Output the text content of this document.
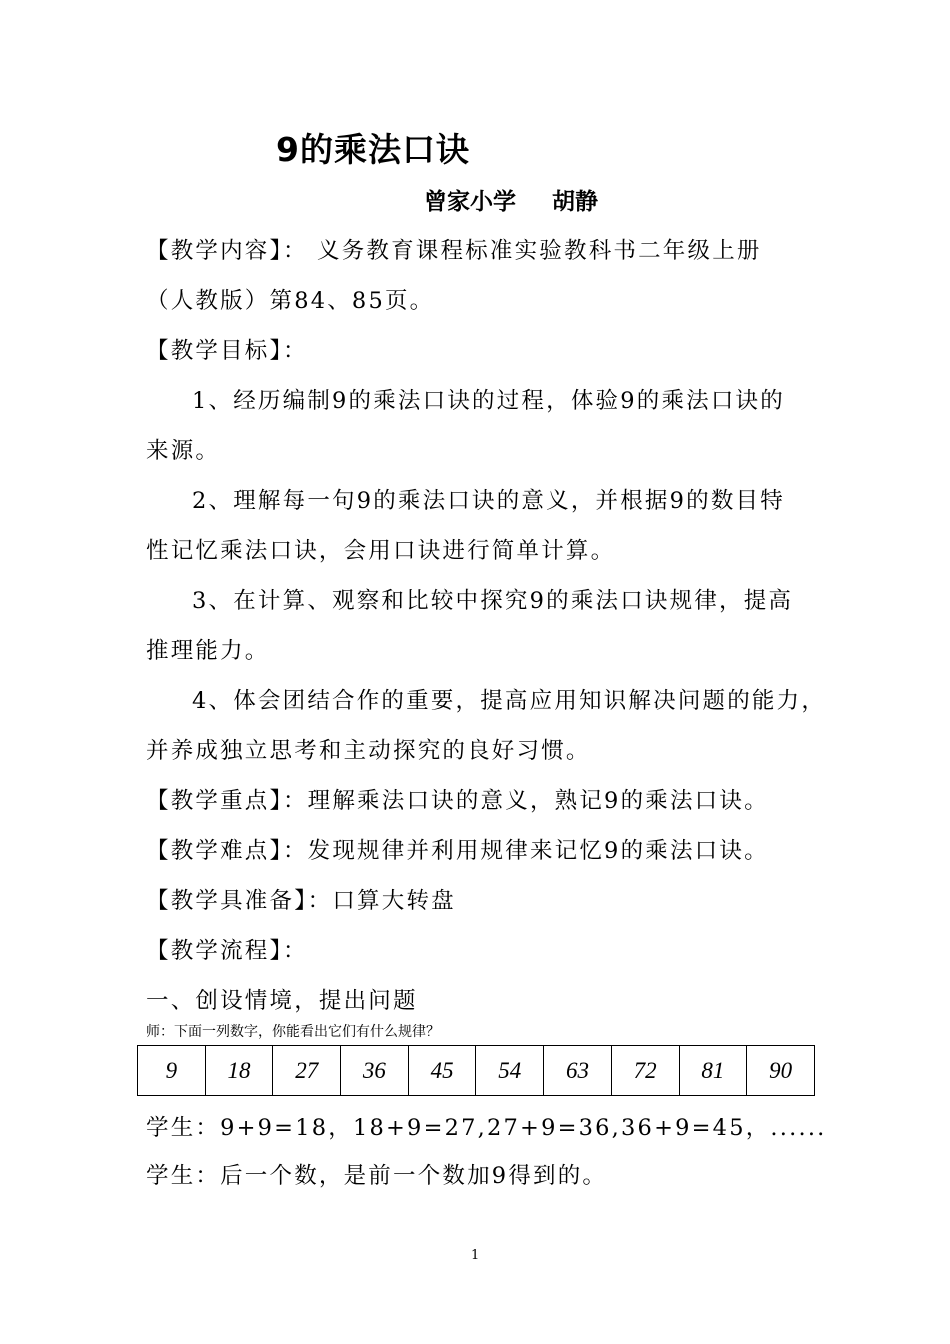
9的乘法口诀
曾家小学 胡静
【教学内容】： 义务教育课程标准实验教科书二年级上册
（人教版）第84、85页。
【教学目标】：
1、经历编制9的乘法口诀的过程，体验9的乘法口诀的
来源。
2、理解每一句9的乘法口诀的意义，并根据9的数目特
性记忆乘法口诀，会用口诀进行简单计算。
3、在计算、观察和比较中探究9的乘法口诀规律，提高
推理能力。
4、体会团结合作的重要，提高应用知识解决问题的能力，
并养成独立思考和主动探究的良好习惯。
【教学重点】：理解乘法口诀的意义，熟记9的乘法口诀。
【教学难点】：发现规律并利用规律来记忆9的乘法口诀。
【教学具准备】：口算大转盘
【教学流程】：
一、创设情境，提出问题
师：下面一列数字，你能看出它们有什么规律？
9	18	27	36	45	54	63	72	81	90
学生：9+9=18，18+9=27,27+9=36,36+9=45，......
学生：后一个数，是前一个数加9得到的。
1
